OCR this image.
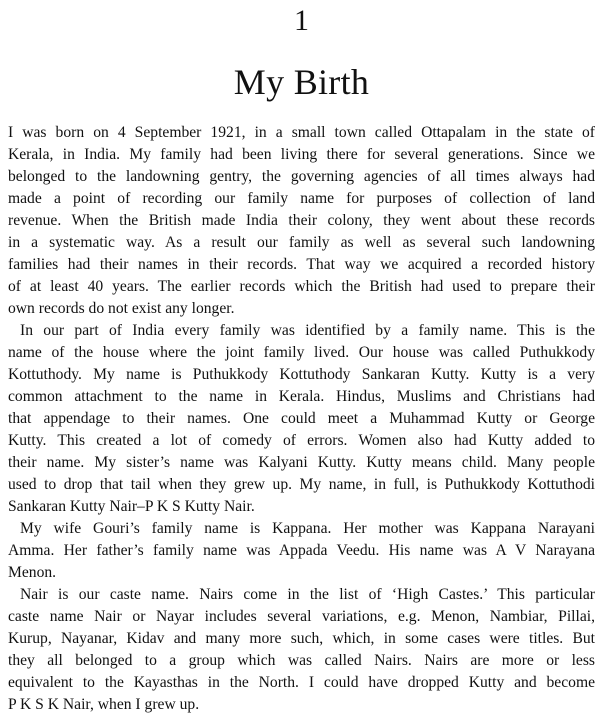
1
My Birth

I was born on 4 September 1921, in a small town called Ottapalam in the state of
Kerala, in India. My family had been living there for several generations. Since we
belonged to the landowning gentry, the governing agencies of all times always had
made a point of recording our family name for purposes of collection of land
revenue. When the British made India their colony, they went about these records
in a systematic way. As a result our family as well as several such landowning
families had their names in their records. That way we acquired a recorded history
of at least 40 years. The earlier records which the British had used to prepare their
own records do not exist any longer.

In our part of India every family was identified by a family name. This is the
name of the house where the joint family lived. Our house was called Puthukkody
Kottuthody. My name is Puthukkody Kottuthody Sankaran Kutty. Kutty is a very
common attachment to the name in Kerala. Hindus, Muslims and Christians had
that appendage to their names. One could meet a Muhammad Kutty or George
Kutty. This created a lot of comedy of errors. Women also had Kutty added to
their name. My sister’s name was Kalyani Kutty. Kutty means child. Many people
used to drop that tail when they grew up. My name, in full, is Puthukkody Kottuthodi
Sankaran Kutty Nair–P K S Kutty Nair.

My wife Gouri’s family name is Kappana. Her mother was Kappana Narayani
Amma. Her father’s family name was Appada Veedu. His name was A V Narayana
Menon.

Nair is our caste name. Nairs come in the list of ‘High Castes.’ This particular
caste name Nair or Nayar includes several variations, e.g. Menon, Nambiar, Pillai,
Kurup, Nayanar, Kidav and many more such, which, in some cases were titles. But
they all belonged to a group which was called Nairs. Nairs are more or less
equivalent to the Kayasthas in the North. I could have dropped Kutty and become
P K S K Nair, when I grew up.
